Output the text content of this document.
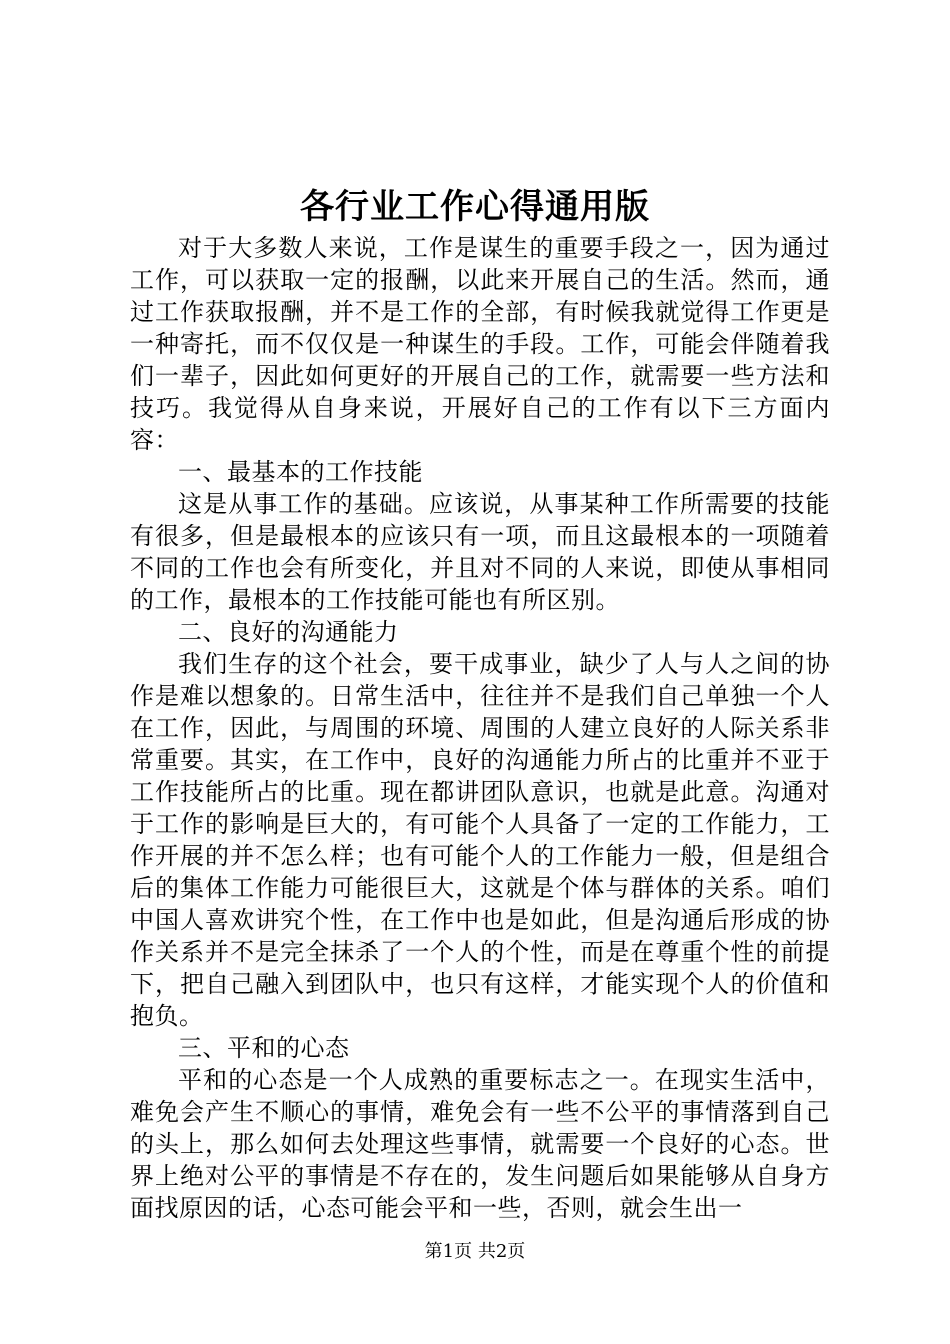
各行业工作心得通用版

对于大多数人来说，工作是谋生的重要手段之一，因为通过工作，可以获取一定的报酬，以此来开展自己的生活。然而，通过工作获取报酬，并不是工作的全部，有时候我就觉得工作更是一种寄托，而不仅仅是一种谋生的手段。工作，可能会伴随着我们一辈子，因此如何更好的开展自己的工作，就需要一些方法和技巧。我觉得从自身来说，开展好自己的工作有以下三方面内容：

一、最基本的工作技能

这是从事工作的基础。应该说，从事某种工作所需要的技能有很多，但是最根本的应该只有一项，而且这最根本的一项随着不同的工作也会有所变化，并且对不同的人来说，即使从事相同的工作，最根本的工作技能可能也有所区别。

二、良好的沟通能力

我们生存的这个社会，要干成事业，缺少了人与人之间的协作是难以想象的。日常生活中，往往并不是我们自己单独一个人在工作，因此，与周围的环境、周围的人建立良好的人际关系非常重要。其实，在工作中，良好的沟通能力所占的比重并不亚于工作技能所占的比重。现在都讲团队意识，也就是此意。沟通对于工作的影响是巨大的，有可能个人具备了一定的工作能力，工作开展的并不怎么样；也有可能个人的工作能力一般，但是组合后的集体工作能力可能很巨大，这就是个体与群体的关系。咱们中国人喜欢讲究个性，在工作中也是如此，但是沟通后形成的协作关系并不是完全抹杀了一个人的个性，而是在尊重个性的前提下，把自己融入到团队中，也只有这样，才能实现个人的价值和抱负。

三、平和的心态

平和的心态是一个人成熟的重要标志之一。在现实生活中，难免会产生不顺心的事情，难免会有一些不公平的事情落到自己的头上，那么如何去处理这些事情，就需要一个良好的心态。世界上绝对公平的事情是不存在的，发生问题后如果能够从自身方面找原因的话，心态可能会平和一些，否则，就会生出一

第1页 共2页
